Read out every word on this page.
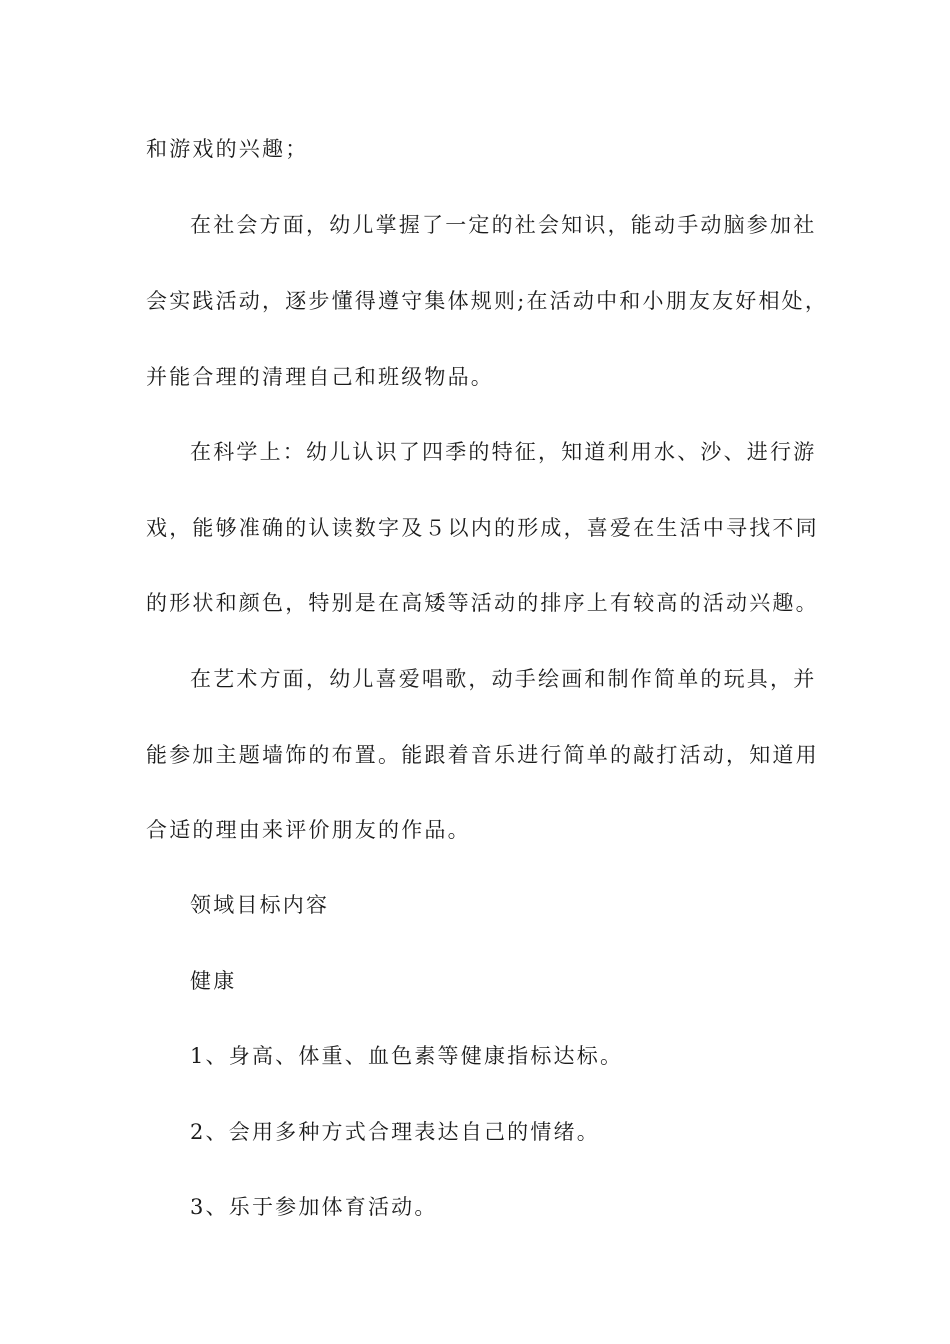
和游戏的兴趣；
在社会方面，幼儿掌握了一定的社会知识，能动手动脑参加社
会实践活动，逐步懂得遵守集体规则;在活动中和小朋友友好相处，
并能合理的清理自己和班级物品。
在科学上：幼儿认识了四季的特征，知道利用水、沙、进行游
戏，能够准确的认读数字及５以内的形成，喜爱在生活中寻找不同
的形状和颜色，特别是在高矮等活动的排序上有较高的活动兴趣。
在艺术方面，幼儿喜爱唱歌，动手绘画和制作简单的玩具，并
能参加主题墙饰的布置。能跟着音乐进行简单的敲打活动，知道用
合适的理由来评价朋友的作品。
领域目标内容
健康
1、身高、体重、血色素等健康指标达标。
2、会用多种方式合理表达自己的情绪。
3、乐于参加体育活动。
